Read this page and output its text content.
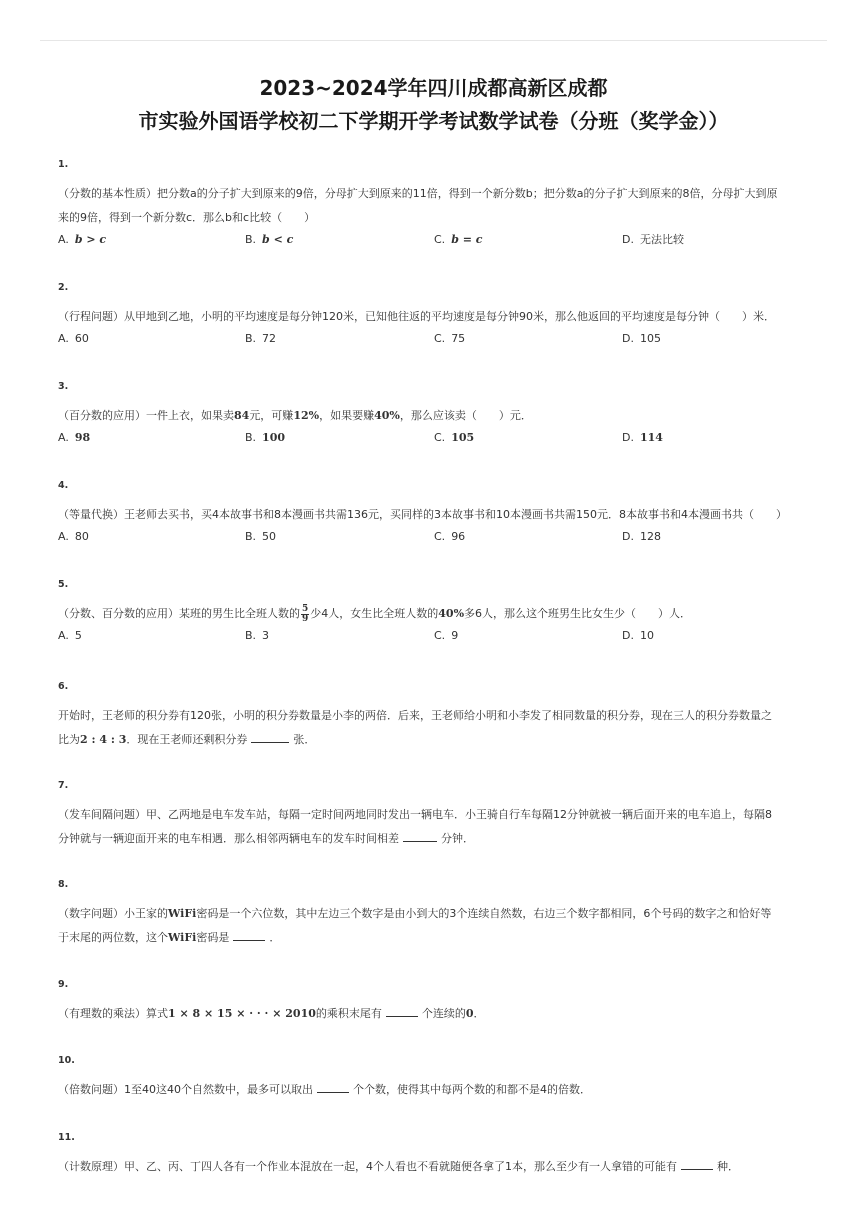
2023~2024学年四川成都高新区成都
市实验外国语学校初二下学期开学考试数学试卷（分班（奖学金））
1.
（分数的基本性质）把分数a的分子扩大到原来的9倍，分母扩大到原来的11倍，得到一个新分数b；把分数a的分子扩大到原来的8倍，分母扩大到原
来的9倍，得到一个新分数c．那么b和c比较（　　）
A. b > c	B. b < c	C. b = c	D. 无法比较
2.
（行程问题）从甲地到乙地，小明的平均速度是每分钟120米，已知他往返的平均速度是每分钟90米，那么他返回的平均速度是每分钟（　　）米．
A. 60	B. 72	C. 75	D. 105
3.
（百分数的应用）一件上衣，如果卖84元，可赚12%，如果要赚40%，那么应该卖（　　）元．
A. 98	B. 100	C. 105	D. 114
4.
（等量代换）王老师去买书，买4本故事书和8本漫画书共需136元，买同样的3本故事书和10本漫画书共需150元．8本故事书和4本漫画书共（　　）
A. 80	B. 50	C. 96	D. 128
5.
（分数、百分数的应用）某班的男生比全班人数的 $\frac{5}{9}$ 少4人，女生比全班人数的40%多6人，那么这个班男生比女生少（　　）人．
A. 5	B. 3	C. 9	D. 10
6.
开始时，王老师的积分券有120张，小明的积分券数量是小李的两倍．后来，王老师给小明和小李发了相同数量的积分券，现在三人的积分券数量之
比为2 : 4 : 3．现在王老师还剩积分券	张．
7.
（发车间隔问题）甲、乙两地是电车发车站，每隔一定时间两地同时发出一辆电车．小王骑自行车每隔12分钟就被一辆后面开来的电车追上，每隔8
分钟就与一辆迎面开来的电车相遇．那么相邻两辆电车的发车时间相差	分钟．
8.
（数字问题）小王家的WiFi密码是一个六位数，其中左边三个数字是由小到大的3个连续自然数，右边三个数字都相同，6个号码的数字之和恰好等
于末尾的两位数，这个WiFi密码是	．
9.
（有理数的乘法）算式1 × 8 × 15 × · · · × 2010的乘积末尾有	个连续的0．
10.
（倍数问题）1至40这40个自然数中，最多可以取出	个个数，使得其中每两个数的和都不是4的倍数．
11.
（计数原理）甲、乙、丙、丁四人各有一个作业本混放在一起，4个人看也不看就随便各拿了1本，那么至少有一人拿错的可能有	种．
